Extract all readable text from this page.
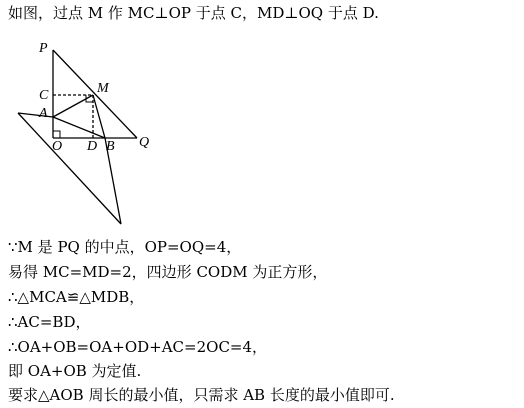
如图，过点 M 作 MC⊥OP 于点 C，MD⊥OQ 于点 D.
P
C	M
A
O D B Q
∵M 是 PQ 的中点，OP=OQ=4，
易得 MC=MD=2，四边形 CODM 为正方形，
∴△MCA≌△MDB，
∴AC=BD，
∴OA+OB=OA+OD+AC=2OC=4，
即 OA+OB 为定值.
要求△AOB 周长的最小值，只需求 AB 长度的最小值即可.
